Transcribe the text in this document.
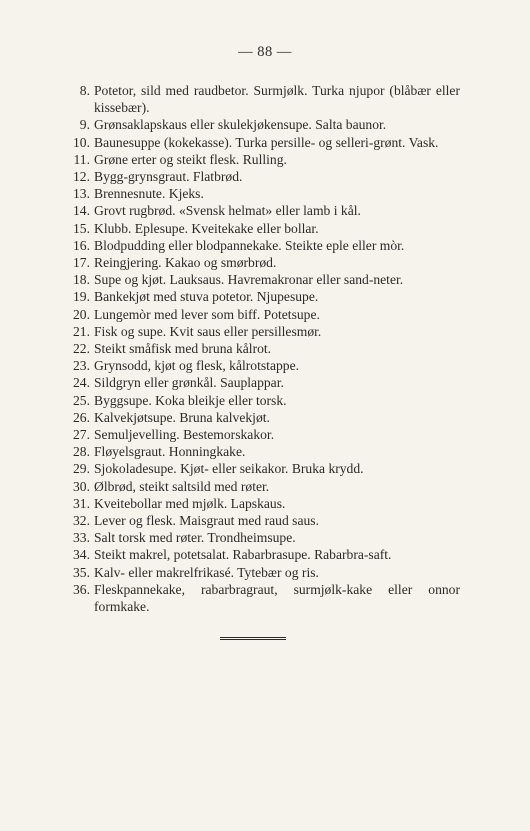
— 88 —
8. Potetor, sild med raudbetor. Surmjølk. Turka njupor (blåbær eller kissebær).
9. Grønsaklapskaus eller skulekjøkensupe. Salta baunor.
10. Baunesuppe (kokekasse). Turka persille- og selleri-grønt. Vask.
11. Grøne erter og steikt flesk. Rulling.
12. Bygg-grynsgraut. Flatbrød.
13. Brennesnute. Kjeks.
14. Grovt rugbrød. «Svensk helmat» eller lamb i kål.
15. Klubb. Eplesupe. Kveitekake eller bollar.
16. Blodpudding eller blodpannekake. Steikte eple eller mòr.
17. Reingjering. Kakao og smørbrød.
18. Supe og kjøt. Lauksaus. Havremakronar eller sand-neter.
19. Bankekjøt med stuva potetor. Njupesupe.
20. Lungemòr med lever som biff. Potetsupe.
21. Fisk og supe. Kvit saus eller persillesmør.
22. Steikt småfisk med bruna kålrot.
23. Grynsodd, kjøt og flesk, kålrotstappe.
24. Sildgryn eller grønkål. Sauplappar.
25. Byggsupe. Koka bleikje eller torsk.
26. Kalvekjøtsupe. Bruna kalvekjøt.
27. Semuljevelling. Bestemorskakor.
28. Fløyelsgraut. Honningkake.
29. Sjokoladesupe. Kjøt- eller seikakor. Bruka krydd.
30. Ølbrød, steikt saltsild med røter.
31. Kveitebollar med mjølk. Lapskaus.
32. Lever og flesk. Maisgraut med raud saus.
33. Salt torsk med røter. Trondheimsupe.
34. Steikt makrel, potetsalat. Rabarbrasupe. Rabarbra-saft.
35. Kalv- eller makrelfrikasé. Tytebær og ris.
36. Fleskpannekake, rabarbragraut, surmjølk-kake eller onnor formkake.
